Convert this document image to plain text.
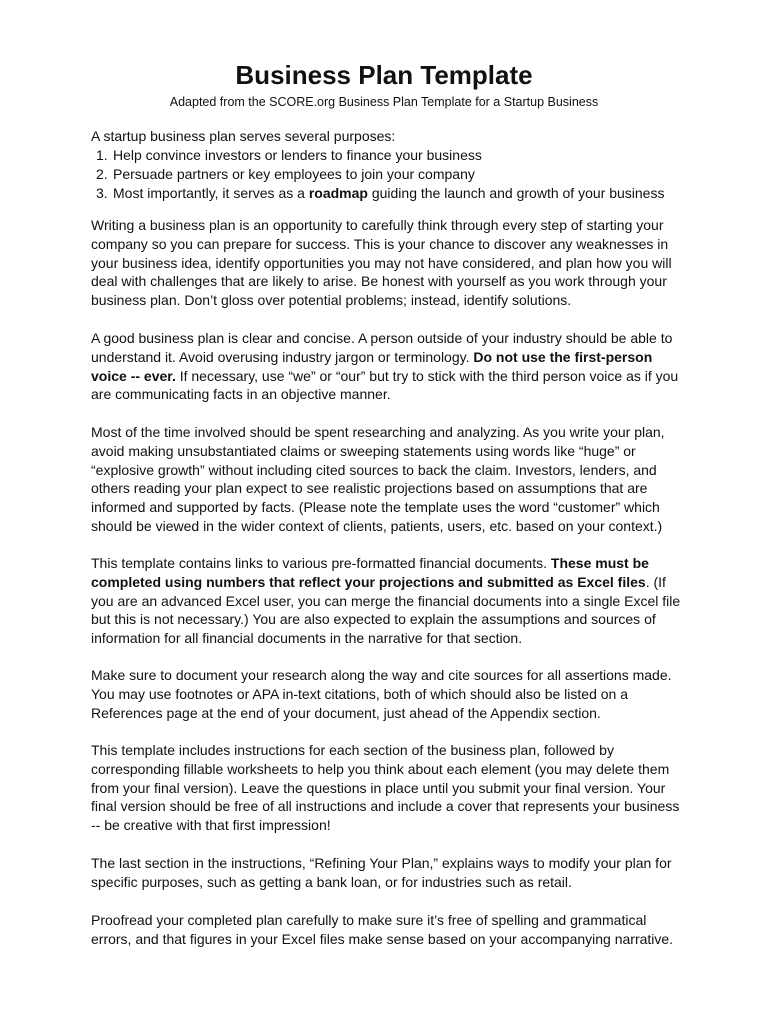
Business Plan Template

Adapted from the SCORE.org Business Plan Template for a Startup Business

A startup business plan serves several purposes:

1. Help convince investors or lenders to finance your business
2. Persuade partners or key employees to join your company
3. Most importantly, it serves as a roadmap guiding the launch and growth of your business

Writing a business plan is an opportunity to carefully think through every step of starting your company so you can prepare for success. This is your chance to discover any weaknesses in your business idea, identify opportunities you may not have considered, and plan how you will deal with challenges that are likely to arise. Be honest with yourself as you work through your business plan. Don’t gloss over potential problems; instead, identify solutions.

A good business plan is clear and concise. A person outside of your industry should be able to understand it. Avoid overusing industry jargon or terminology. Do not use the first-person voice -- ever. If necessary, use “we” or “our” but try to stick with the third person voice as if you are communicating facts in an objective manner.

Most of the time involved should be spent researching and analyzing. As you write your plan, avoid making unsubstantiated claims or sweeping statements using words like “huge” or “explosive growth” without including cited sources to back the claim. Investors, lenders, and others reading your plan expect to see realistic projections based on assumptions that are informed and supported by facts. (Please note the template uses the word “customer” which should be viewed in the wider context of clients, patients, users, etc. based on your context.)

This template contains links to various pre-formatted financial documents. These must be completed using numbers that reflect your projections and submitted as Excel files. (If you are an advanced Excel user, you can merge the financial documents into a single Excel file but this is not necessary.) You are also expected to explain the assumptions and sources of information for all financial documents in the narrative for that section.

Make sure to document your research along the way and cite sources for all assertions made. You may use footnotes or APA in-text citations, both of which should also be listed on a References page at the end of your document, just ahead of the Appendix section.

This template includes instructions for each section of the business plan, followed by corresponding fillable worksheets to help you think about each element (you may delete them from your final version). Leave the questions in place until you submit your final version. Your final version should be free of all instructions and include a cover that represents your business -- be creative with that first impression!

The last section in the instructions, “Refining Your Plan,” explains ways to modify your plan for specific purposes, such as getting a bank loan, or for industries such as retail.

Proofread your completed plan carefully to make sure it’s free of spelling and grammatical errors, and that figures in your Excel files make sense based on your accompanying narrative.
